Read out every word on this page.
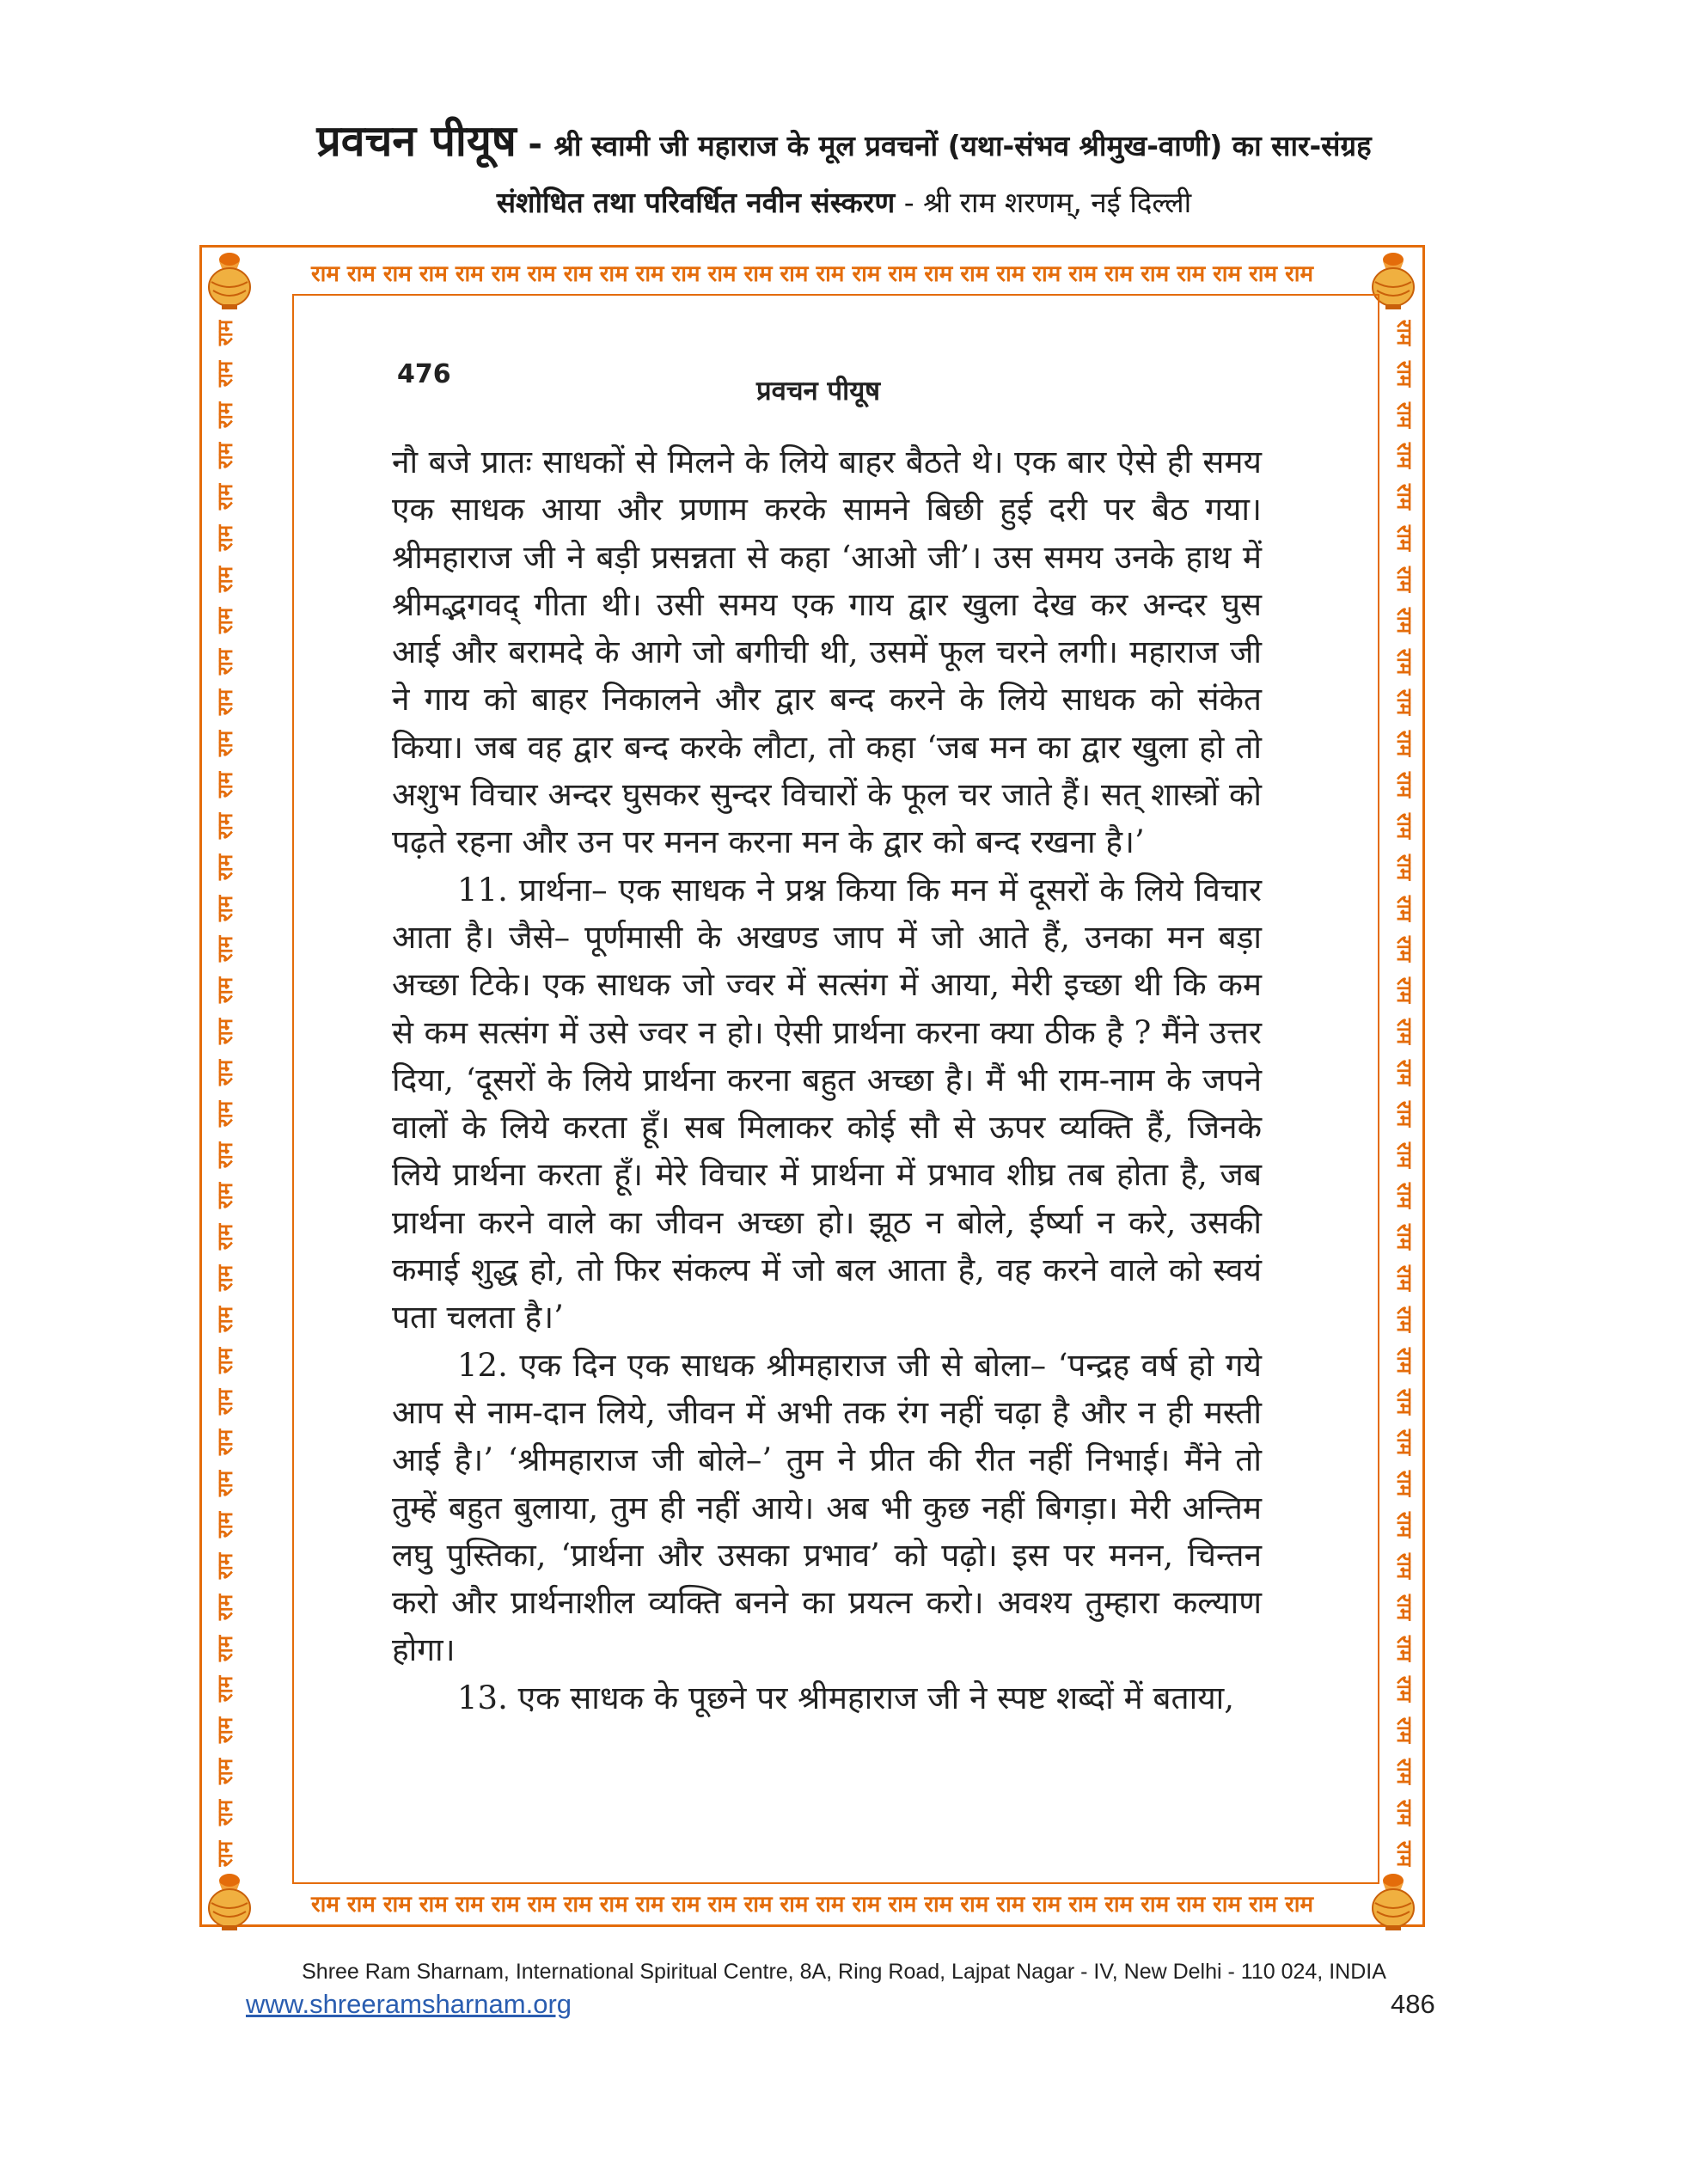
प्रवचन पीयूष - श्री स्वामी जी महाराज के मूल प्रवचनों (यथा-संभव श्रीमुख-वाणी) का सार-संग्रह
संशोधित तथा परिवर्धित नवीन संस्करण - श्री राम शरणम्, नई दिल्ली
राम राम राम राम राम राम राम राम राम राम राम राम राम राम राम राम राम राम राम राम राम राम राम राम राम राम राम राम
राम राम राम राम राम राम राम राम राम राम राम राम राम राम राम राम राम राम राम राम राम राम राम राम राम राम राम राम
राम
राम
राम
राम
राम
राम
राम
राम
राम
राम
राम
राम
राम
राम
राम
राम
राम
राम
राम
राम
राम
राम
राम
राम
राम
राम
राम
राम
राम
राम
राम
राम
राम
राम
राम
राम
राम
राम
राम
राम
राम
राम
राम
राम
राम
राम
राम
राम
राम
राम
राम
राम
राम
राम
राम
राम
राम
राम
राम
राम
राम
राम
राम
राम
राम
राम
राम
राम
राम
राम
राम
राम
राम
राम
राम
राम
476
प्रवचन पीयूष

नौ बजे प्रातः साधकों से मिलने के लिये बाहर बैठते थे। एक बार ऐसे ही समय एक साधक आया और प्रणाम करके सामने बिछी हुई दरी पर बैठ गया। श्रीमहाराज जी ने बड़ी प्रसन्नता से कहा ‘आओ जी’। उस समय उनके हाथ में श्रीमद्भगवद् गीता थी। उसी समय एक गाय द्वार खुला देख कर अन्दर घुस आई और बरामदे के आगे जो बगीची थी, उसमें फूल चरने लगी। महाराज जी ने गाय को बाहर निकालने और द्वार बन्द करने के लिये साधक को संकेत किया। जब वह द्वार बन्द करके लौटा, तो कहा ‘जब मन का द्वार खुला हो तो अशुभ विचार अन्दर घुसकर सुन्दर विचारों के फूल चर जाते हैं। सत् शास्त्रों को पढ़ते रहना और उन पर मनन करना मन के द्वार को बन्द रखना है।’

11. प्रार्थना– एक साधक ने प्रश्न किया कि मन में दूसरों के लिये विचार आता है। जैसे– पूर्णमासी के अखण्ड जाप में जो आते हैं, उनका मन बड़ा अच्छा टिके। एक साधक जो ज्वर में सत्संग में आया, मेरी इच्छा थी कि कम से कम सत्संग में उसे ज्वर न हो। ऐसी प्रार्थना करना क्या ठीक है ? मैंने उत्तर दिया, ‘दूसरों के लिये प्रार्थना करना बहुत अच्छा है। मैं भी राम-नाम के जपने वालों के लिये करता हूँ। सब मिलाकर कोई सौ से ऊपर व्यक्ति हैं, जिनके लिये प्रार्थना करता हूँ। मेरे विचार में प्रार्थना में प्रभाव शीघ्र तब होता है, जब प्रार्थना करने वाले का जीवन अच्छा हो। झूठ न बोले, ईर्ष्या न करे, उसकी कमाई शुद्ध हो, तो फिर संकल्प में जो बल आता है, वह करने वाले को स्वयं पता चलता है।’

12. एक दिन एक साधक श्रीमहाराज जी से बोला– ‘पन्द्रह वर्ष हो गये आप से नाम-दान लिये, जीवन में अभी तक रंग नहीं चढ़ा है और न ही मस्ती आई है।’ ‘श्रीमहाराज जी बोले–’ तुम ने प्रीत की रीत नहीं निभाई। मैंने तो तुम्हें बहुत बुलाया, तुम ही नहीं आये। अब भी कुछ नहीं बिगड़ा। मेरी अन्तिम लघु पुस्तिका, ‘प्रार्थना और उसका प्रभाव’ को पढ़ो। इस पर मनन, चिन्तन करो और प्रार्थनाशील व्यक्ति बनने का प्रयत्न करो। अवश्य तुम्हारा कल्याण होगा।

13. एक साधक के पूछने पर श्रीमहाराज जी ने स्पष्ट शब्दों में बताया,

Shree Ram Sharnam, International Spiritual Centre, 8A, Ring Road, Lajpat Nagar - IV, New Delhi - 110 024, INDIA
www.shreeramsharnam.org	486
